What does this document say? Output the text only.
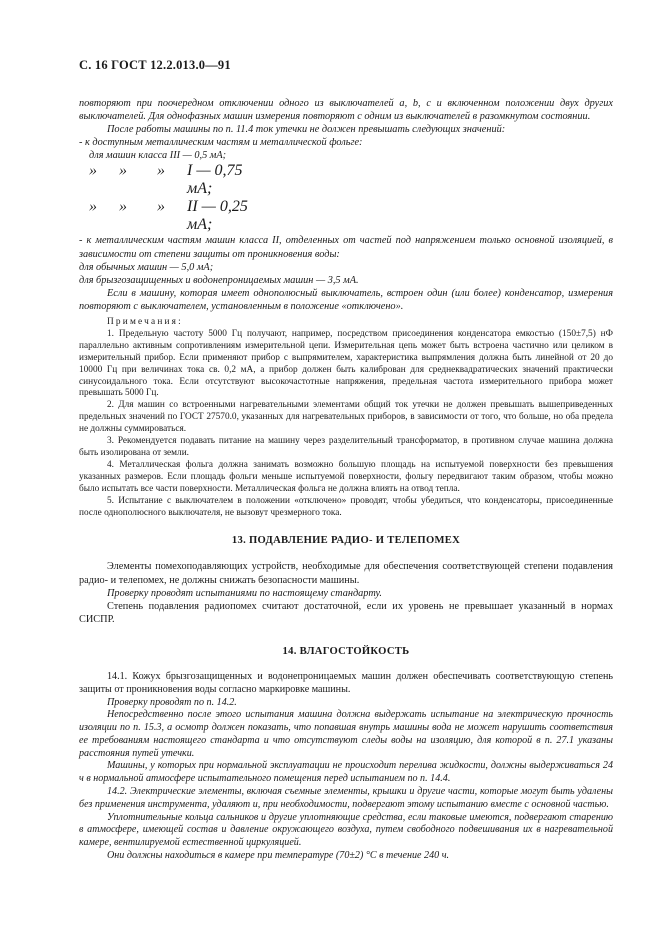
С. 16 ГОСТ 12.2.013.0—91

повторяют при поочередном отключении одного из выключателей a, b, c и включенном положении двух других выключателей. Для однофазных машин измерения повторяют с одним из выключателей в разомкнутом состоянии.

После работы машины по п. 11.4 ток утечки не должен превышать следующих значений:

- к доступным металлическим частям и металлической фольге:

для машин класса III — 0,5 мА;

»	»	»	I — 0,75 мА;
»	»	»	II — 0,25 мА;

- к металлическим частям машин класса II, отделенных от частей под напряжением только основной изоляцией, в зависимости от степени защиты от проникновения воды:

для обычных машин — 5,0 мА;

для брызгозащищенных и водонепроницаемых машин — 3,5 мА.

Если в машину, которая имеет однополюсный выключатель, встроен один (или более) конденсатор, измерения повторяют с выключателем, установленным в положение «отключено».

Примечания:

1. Предельную частоту 5000 Гц получают, например, посредством присоединения конденсатора емкостью (150±7,5) нФ параллельно активным сопротивлениям измерительной цепи. Измерительная цепь может быть встроена частично или целиком в измерительный прибор. Если применяют прибор с выпрямителем, характеристика выпрямления должна быть линейной от 20 до 10000 Гц при величинах тока св. 0,2 мА, а прибор должен быть калиброван для среднеквадратических значений практически синусоидального тока. Если отсутствуют высокочастотные напряжения, предельная частота измерительного прибора может превышать 5000 Гц.

2. Для машин со встроенными нагревательными элементами общий ток утечки не должен превышать вышеприведенных предельных значений по ГОСТ 27570.0, указанных для нагревательных приборов, в зависимости от того, что больше, но оба предела не должны суммироваться.

3. Рекомендуется подавать питание на машину через разделительный трансформатор, в противном случае машина должна быть изолирована от земли.

4. Металлическая фольга должна занимать возможно большую площадь на испытуемой поверхности без превышения указанных размеров. Если площадь фольги меньше испытуемой поверхности, фольгу передвигают таким образом, чтобы можно было испытать все части поверхности. Металлическая фольга не должна влиять на отвод тепла.

5. Испытание с выключателем в положении «отключено» проводят, чтобы убедиться, что конденсаторы, присоединенные после однополюсного выключателя, не вызовут чрезмерного тока.

13. ПОДАВЛЕНИЕ РАДИО- И ТЕЛЕПОМЕХ

Элементы помехоподавляющих устройств, необходимые для обеспечения соответствующей степени подавления радио- и телепомех, не должны снижать безопасности машины.

Проверку проводят испытаниями по настоящему стандарту.

Степень подавления радиопомех считают достаточной, если их уровень не превышает указанный в нормах СИСПР.

14. ВЛАГОСТОЙКОСТЬ

14.1. Кожух брызгозащищенных и водонепроницаемых машин должен обеспечивать соответствующую степень защиты от проникновения воды согласно маркировке машины.

Проверку проводят по п. 14.2.

Непосредственно после этого испытания машина должна выдержать испытание на электрическую прочность изоляции по п. 15.3, а осмотр должен показать, что попавшая внутрь машины вода не может нарушить соответствия ее требованиям настоящего стандарта и что отсутствуют следы воды на изоляцию, для которой в п. 27.1 указаны расстояния путей утечки.

Машины, у которых при нормальной эксплуатации не происходит перелива жидкости, должны выдерживаться 24 ч в нормальной атмосфере испытательного помещения перед испытанием по п. 14.4.

14.2. Электрические элементы, включая съемные элементы, крышки и другие части, которые могут быть удалены без применения инструмента, удаляют и, при необходимости, подвергают этому испытанию вместе с основной частью.

Уплотнительные кольца сальников и другие уплотняющие средства, если таковые имеются, подвергают старению в атмосфере, имеющей состав и давление окружающего воздуха, путем свободного подвешивания их в нагревательной камере, вентилируемой естественной циркуляцией.

Они должны находиться в камере при температуре (70±2) °С в течение 240 ч.
